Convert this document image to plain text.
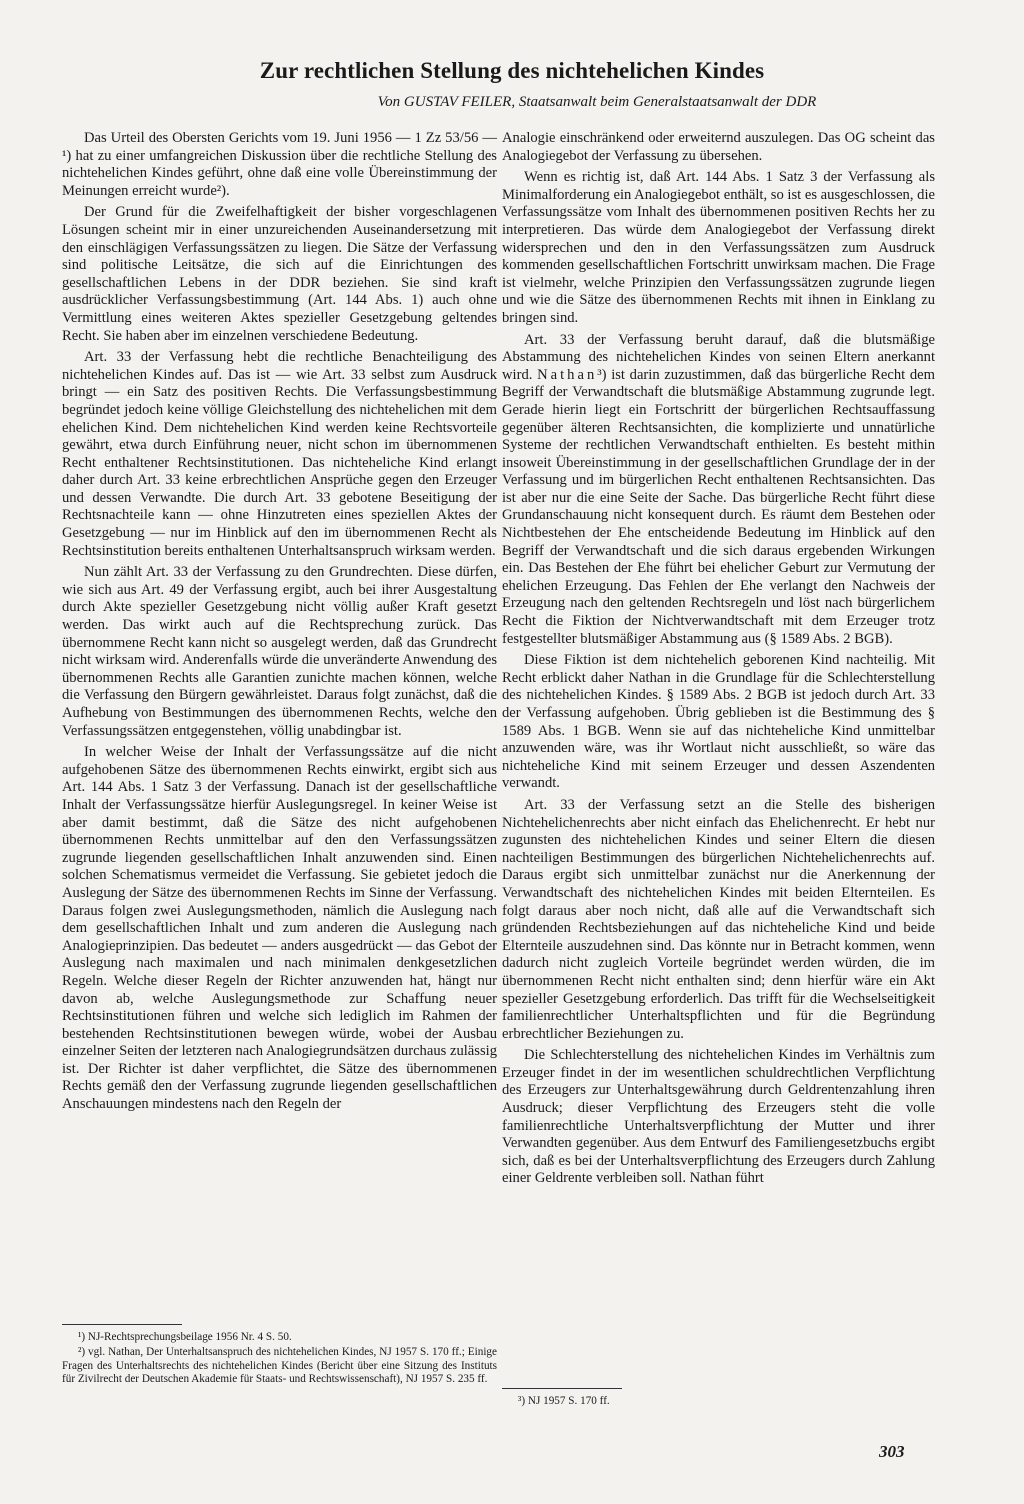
Zur rechtlichen Stellung des nichtehelichen Kindes
Von GUSTAV FEILER, Staatsanwalt beim Generalstaatsanwalt der DDR

Das Urteil des Obersten Gerichts vom 19. Juni 1956 — 1 Zz 53/56 —¹) hat zu einer umfangreichen Diskussion über die rechtliche Stellung des nichtehelichen Kindes geführt, ohne daß eine volle Übereinstimmung der Meinungen erreicht wurde²).

Der Grund für die Zweifelhaftigkeit der bisher vorgeschlagenen Lösungen scheint mir in einer unzureichenden Auseinandersetzung mit den einschlägigen Verfassungssätzen zu liegen. Die Sätze der Verfassung sind politische Leitsätze, die sich auf die Einrichtungen des gesellschaftlichen Lebens in der DDR beziehen. Sie sind kraft ausdrücklicher Verfassungsbestimmung (Art. 144 Abs. 1) auch ohne Vermittlung eines weiteren Aktes spezieller Gesetzgebung geltendes Recht. Sie haben aber im einzelnen verschiedene Bedeutung.

Art. 33 der Verfassung hebt die rechtliche Benachteiligung des nichtehelichen Kindes auf. Das ist — wie Art. 33 selbst zum Ausdruck bringt — ein Satz des positiven Rechts. Die Verfassungsbestimmung begründet jedoch keine völlige Gleichstellung des nichtehelichen mit dem ehelichen Kind. Dem nichtehelichen Kind werden keine Rechtsvorteile gewährt, etwa durch Einführung neuer, nicht schon im übernommenen Recht enthaltener Rechtsinstitutionen. Das nichteheliche Kind erlangt daher durch Art. 33 keine erbrechtlichen Ansprüche gegen den Erzeuger und dessen Verwandte. Die durch Art. 33 gebotene Beseitigung der Rechtsnachteile kann — ohne Hinzutreten eines speziellen Aktes der Gesetzgebung — nur im Hinblick auf den im übernommenen Recht als Rechtsinstitution bereits enthaltenen Unterhaltsanspruch wirksam werden.

Nun zählt Art. 33 der Verfassung zu den Grundrechten. Diese dürfen, wie sich aus Art. 49 der Verfassung ergibt, auch bei ihrer Ausgestaltung durch Akte spezieller Gesetzgebung nicht völlig außer Kraft gesetzt werden. Das wirkt auch auf die Rechtsprechung zurück. Das übernommene Recht kann nicht so ausgelegt werden, daß das Grundrecht nicht wirksam wird. Anderenfalls würde die unveränderte Anwendung des übernommenen Rechts alle Garantien zunichte machen können, welche die Verfassung den Bürgern gewährleistet. Daraus folgt zunächst, daß die Aufhebung von Bestimmungen des übernommenen Rechts, welche den Verfassungssätzen entgegenstehen, völlig unabdingbar ist.

In welcher Weise der Inhalt der Verfassungssätze auf die nicht aufgehobenen Sätze des übernommenen Rechts einwirkt, ergibt sich aus Art. 144 Abs. 1 Satz 3 der Verfassung. Danach ist der gesellschaftliche Inhalt der Verfassungssätze hierfür Auslegungsregel. In keiner Weise ist aber damit bestimmt, daß die Sätze des nicht aufgehobenen übernommenen Rechts unmittelbar auf den den Verfassungssätzen zugrunde liegenden gesellschaftlichen Inhalt anzuwenden sind. Einen solchen Schematismus vermeidet die Verfassung. Sie gebietet jedoch die Auslegung der Sätze des übernommenen Rechts im Sinne der Verfassung. Daraus folgen zwei Auslegungsmethoden, nämlich die Auslegung nach dem gesellschaftlichen Inhalt und zum anderen die Auslegung nach Analogieprinzipien. Das bedeutet — anders ausgedrückt — das Gebot der Auslegung nach maximalen und nach minimalen denkgesetzlichen Regeln. Welche dieser Regeln der Richter anzuwenden hat, hängt nur davon ab, welche Auslegungsmethode zur Schaffung neuer Rechtsinstitutionen führen und welche sich lediglich im Rahmen der bestehenden Rechtsinstitutionen bewegen würde, wobei der Ausbau einzelner Seiten der letzteren nach Analogiegrundsätzen durchaus zulässig ist. Der Richter ist daher verpflichtet, die Sätze des übernommenen Rechts gemäß den der Verfassung zugrunde liegenden gesellschaftlichen Anschauungen mindestens nach den Regeln der

¹) NJ-Rechtsprechungsbeilage 1956 Nr. 4 S. 50.

²) vgl. Nathan, Der Unterhaltsanspruch des nichtehelichen Kindes, NJ 1957 S. 170 ff.; Einige Fragen des Unterhaltsrechts des nichtehelichen Kindes (Bericht über eine Sitzung des Instituts für Zivilrecht der Deutschen Akademie für Staats- und Rechtswissenschaft), NJ 1957 S. 235 ff.

Analogie einschränkend oder erweiternd auszulegen. Das OG scheint das Analogiegebot der Verfassung zu übersehen.

Wenn es richtig ist, daß Art. 144 Abs. 1 Satz 3 der Verfassung als Minimalforderung ein Analogiegebot enthält, so ist es ausgeschlossen, die Verfassungssätze vom Inhalt des übernommenen positiven Rechts her zu interpretieren. Das würde dem Analogiegebot der Verfassung direkt widersprechen und den in den Verfassungssätzen zum Ausdruck kommenden gesellschaftlichen Fortschritt unwirksam machen. Die Frage ist vielmehr, welche Prinzipien den Verfassungssätzen zugrunde liegen und wie die Sätze des übernommenen Rechts mit ihnen in Einklang zu bringen sind.

Art. 33 der Verfassung beruht darauf, daß die blutsmäßige Abstammung des nichtehelichen Kindes von seinen Eltern anerkannt wird. Nathan³) ist darin zuzustimmen, daß das bürgerliche Recht dem Begriff der Verwandtschaft die blutsmäßige Abstammung zugrunde legt. Gerade hierin liegt ein Fortschritt der bürgerlichen Rechtsauffassung gegenüber älteren Rechtsansichten, die komplizierte und unnatürliche Systeme der rechtlichen Verwandtschaft enthielten. Es besteht mithin insoweit Übereinstimmung in der gesellschaftlichen Grundlage der in der Verfassung und im bürgerlichen Recht enthaltenen Rechtsansichten. Das ist aber nur die eine Seite der Sache. Das bürgerliche Recht führt diese Grundanschauung nicht konsequent durch. Es räumt dem Bestehen oder Nichtbestehen der Ehe entscheidende Bedeutung im Hinblick auf den Begriff der Verwandtschaft und die sich daraus ergebenden Wirkungen ein. Das Bestehen der Ehe führt bei ehelicher Geburt zur Vermutung der ehelichen Erzeugung. Das Fehlen der Ehe verlangt den Nachweis der Erzeugung nach den geltenden Rechtsregeln und löst nach bürgerlichem Recht die Fiktion der Nichtverwandtschaft mit dem Erzeuger trotz festgestellter blutsmäßiger Abstammung aus (§ 1589 Abs. 2 BGB).

Diese Fiktion ist dem nichtehelich geborenen Kind nachteilig. Mit Recht erblickt daher Nathan in die Grundlage für die Schlechterstellung des nichtehelichen Kindes. § 1589 Abs. 2 BGB ist jedoch durch Art. 33 der Verfassung aufgehoben. Übrig geblieben ist die Bestimmung des § 1589 Abs. 1 BGB. Wenn sie auf das nichteheliche Kind unmittelbar anzuwenden wäre, was ihr Wortlaut nicht ausschließt, so wäre das nichteheliche Kind mit seinem Erzeuger und dessen Aszendenten verwandt.

Art. 33 der Verfassung setzt an die Stelle des bisherigen Nichtehelichenrechts aber nicht einfach das Ehelichenrecht. Er hebt nur zugunsten des nichtehelichen Kindes und seiner Eltern die diesen nachteiligen Bestimmungen des bürgerlichen Nichtehelichenrechts auf. Daraus ergibt sich unmittelbar zunächst nur die Anerkennung der Verwandtschaft des nichtehelichen Kindes mit beiden Elternteilen. Es folgt daraus aber noch nicht, daß alle auf die Verwandtschaft sich gründenden Rechtsbeziehungen auf das nichteheliche Kind und beide Elternteile auszudehnen sind. Das könnte nur in Betracht kommen, wenn dadurch nicht zugleich Vorteile begründet werden würden, die im übernommenen Recht nicht enthalten sind; denn hierfür wäre ein Akt spezieller Gesetzgebung erforderlich. Das trifft für die Wechselseitigkeit familienrechtlicher Unterhaltspflichten und für die Begründung erbrechtlicher Beziehungen zu.

Die Schlechterstellung des nichtehelichen Kindes im Verhältnis zum Erzeuger findet in der im wesentlichen schuldrechtlichen Verpflichtung des Erzeugers zur Unterhaltsgewährung durch Geldrentenzahlung ihren Ausdruck; dieser Verpflichtung des Erzeugers steht die volle familienrechtliche Unterhaltsverpflichtung der Mutter und ihrer Verwandten gegenüber. Aus dem Entwurf des Familiengesetzbuchs ergibt sich, daß es bei der Unterhaltsverpflichtung des Erzeugers durch Zahlung einer Geldrente verbleiben soll. Nathan führt

³) NJ 1957 S. 170 ff.

303
